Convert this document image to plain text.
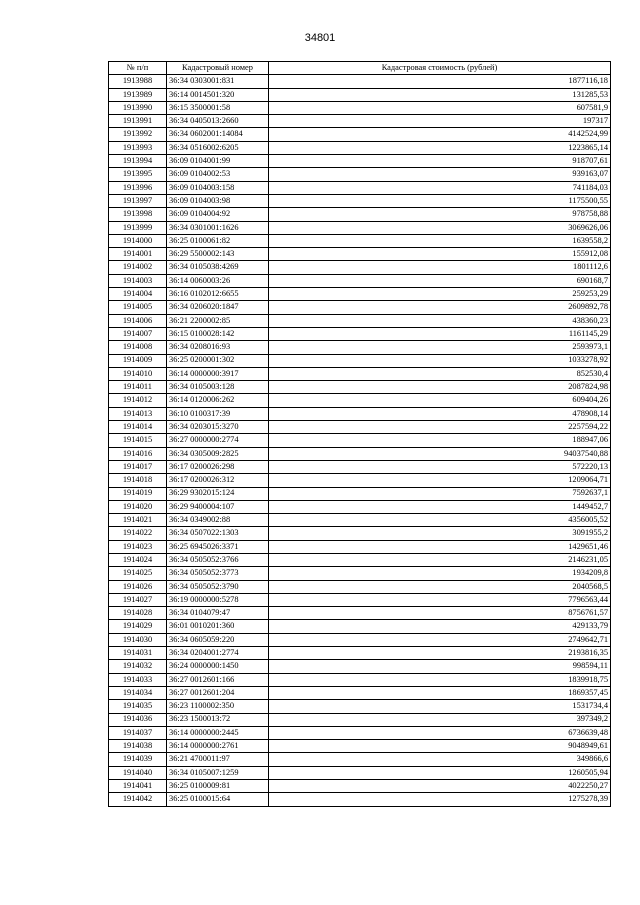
34801
№ п/п	Кадастровый номер	Кадастровая стоимость (рублей)
1913988	36:34 0303001:831	1877116,18
1913989	36:14 0014501:320	131285,53
1913990	36:15 3500001:58	607581,9
1913991	36:34 0405013:2660	197317
1913992	36:34 0602001:14084	4142524,99
1913993	36:34 0516002:6205	1223865,14
1913994	36:09 0104001:99	918707,61
1913995	36:09 0104002:53	939163,07
1913996	36:09 0104003:158	741184,03
1913997	36:09 0104003:98	1175500,55
1913998	36:09 0104004:92	978758,88
1913999	36:34 0301001:1626	3069626,06
1914000	36:25 0100061:82	1639558,2
1914001	36:29 5500002:143	155912,08
1914002	36:34 0105038:4269	1801112,6
1914003	36:14 0060003:26	690168,7
1914004	36:16 0102012:6655	259253,29
1914005	36:34 0206020:1847	2609892,78
1914006	36:21 2200002:85	438360,23
1914007	36:15 0100028:142	1161145,29
1914008	36:34 0208016:93	2593973,1
1914009	36:25 0200001:302	1033278,92
1914010	36:14 0000000:3917	852530,4
1914011	36:34 0105003:128	2087824,98
1914012	36:14 0120006:262	609404,26
1914013	36:10 0100317:39	478908,14
1914014	36:34 0203015:3270	2257594,22
1914015	36:27 0000000:2774	188947,06
1914016	36:34 0305009:2825	94037540,88
1914017	36:17 0200026:298	572220,13
1914018	36:17 0200026:312	1209064,71
1914019	36:29 9302015:124	7592637,1
1914020	36:29 9400004:107	1449452,7
1914021	36:34 0349002:88	4356005,52
1914022	36:34 0507022:1303	3091955,2
1914023	36:25 6945026:3371	1429651,46
1914024	36:34 0505052:3766	2146231,05
1914025	36:34 0505052:3773	1934209,8
1914026	36:34 0505052:3790	2040568,5
1914027	36:19 0000000:5278	7796563,44
1914028	36:34 0104079:47	8756761,57
1914029	36:01 0010201:360	429133,79
1914030	36:34 0605059:220	2749642,71
1914031	36:34 0204001:2774	2193816,35
1914032	36:24 0000000:1450	998594,11
1914033	36:27 0012601:166	1839918,75
1914034	36:27 0012601:204	1869357,45
1914035	36:23 1100002:350	1531734,4
1914036	36:23 1500013:72	397349,2
1914037	36:14 0000000:2445	6736639,48
1914038	36:14 0000000:2761	9048949,61
1914039	36:21 4700011:97	349866,6
1914040	36:34 0105007:1259	1260505,94
1914041	36:25 0100009:81	4022250,27
1914042	36:25 0100015:64	1275278,39
